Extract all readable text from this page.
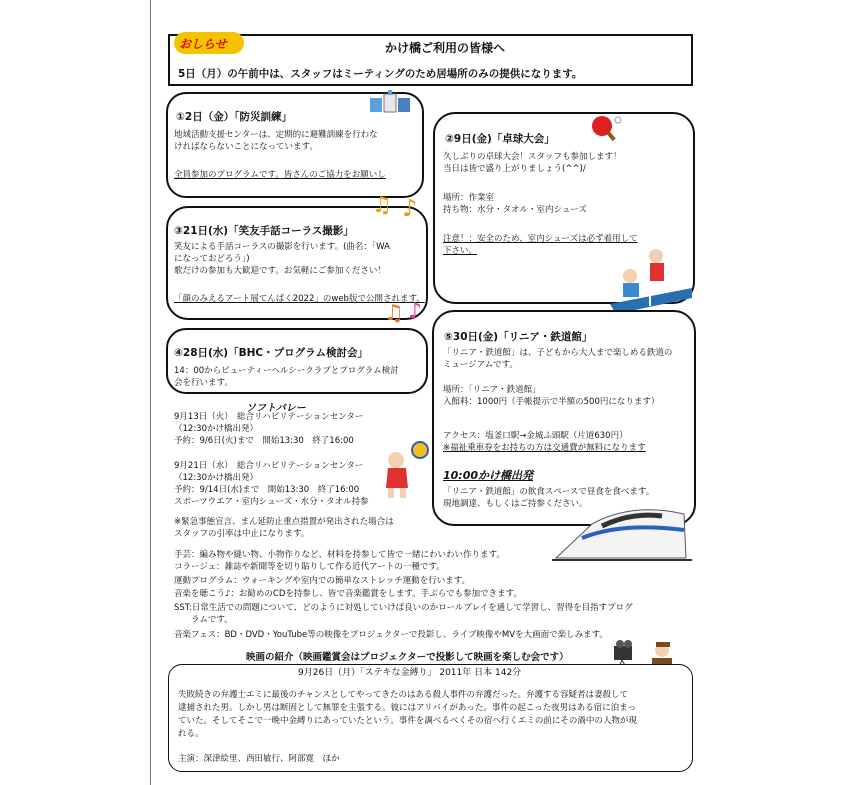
おしらせ	かけ橋ご利用の皆様へ

5日（月）の午前中は、スタッフはミーティングのため居場所のみの提供になります。

①2日（金）「防災訓練」

地域活動支援センターは、定期的に避難訓練を行わな

ければならないことになっています。

全員参加のプログラムです。皆さんのご協力をお願いし

②9日(金)「卓球大会」

久しぶりの卓球大会！スタッフも参加します！

当日は皆で盛り上がりましょう(^^)/

場所：作業室

持ち物：水分・タオル・室内シューズ

注意！：安全のため、室内シューズは必ず着用して

下さい。

③21日(水)「笑友手話コーラス撮影」

♫ ♪

笑友による手話コーラスの撮影を行います。(曲名：「WA

になっておどろう」)

歌だけの参加も大歓迎です。お気軽にご参加ください！

「顔のみえるアート展てんぱく2022」のweb版で公開されます。

♫ ♪

④28日(水)「BHC・プログラム検討会」

14：00からビューティーヘルシークラブとプログラム検討

会を行います。

⑤30日(金)「リニア・鉄道館」

「リニア・鉄道館」は、子どもから大人まで楽しめる鉄道の

ミュージアムです。

場所：「リニア・鉄道館」

入館料：1000円（手帳提示で半額の500円になります）

アクセス：塩釜口駅→金城ふ頭駅（片道630円）

※福祉乗車券をお持ちの方は交通費が無料になります

10:00かけ橋出発

「リニア・鉄道館」の飲食スペースで昼食を食べます。

現地調達、もしくはご持参ください。

ソフトバレー

9月13日（火）　総合リハビリテーションセンター

（12:30かけ橋出発）

予約：9/6日(火)まで　開始13:30　終了16:00

9月21日（水）　総合リハビリテーションセンター

（12:30かけ橋出発）

予約：9/14日(水)まで　開始13:30　終了16:00

スポーツウエア・室内シューズ・水分・タオル持参

※緊急事態宣言、まん延防止重点措置が発出された場合は

スタッフの引率は中止になります。

手芸：編み物や縫い物、小物作りなど、材料を持参して皆で一緒にわいわい作ります。

コラージュ：雑誌や新聞等を切り貼りして作る近代アートの一種です。

運動プログラム：ウォーキングや室内での簡単なストレッチ運動を行います。

音楽を聴こう♪：お勧めのCDを持参し、皆で音楽鑑賞をします。手ぶらでも参加できます。

SST:日常生活での問題について、どのように対処していけば良いのかロールプレイを通して学習し、習得を目指すプログ

　　ラムです。

音楽フェス：BD・DVD・YouTube等の映像をプロジェクターで投影し、ライブ映像やMVを大画面で楽しみます。

映画の紹介（映画鑑賞会はプロジェクターで投影して映画を楽しむ会です）

9月26日（月）「ステキな金縛り」 2011年 日本 142分

失敗続きの弁護士エミに最後のチャンスとしてやってきたのはある殺人事件の弁護だった。弁護する容疑者は妻殺して

逮捕された男。しかし男は断固として無罪を主張する。彼にはアリバイがあった。事件の起こった夜男はある宿に泊まっ

ていた。そしてそこで一晩中金縛りにあっていたという。事件を調べるべくその宿へ行くエミの前にその渦中の人物が現

れる。

主演：深津絵里、西田敏行、阿部寛　ほか
